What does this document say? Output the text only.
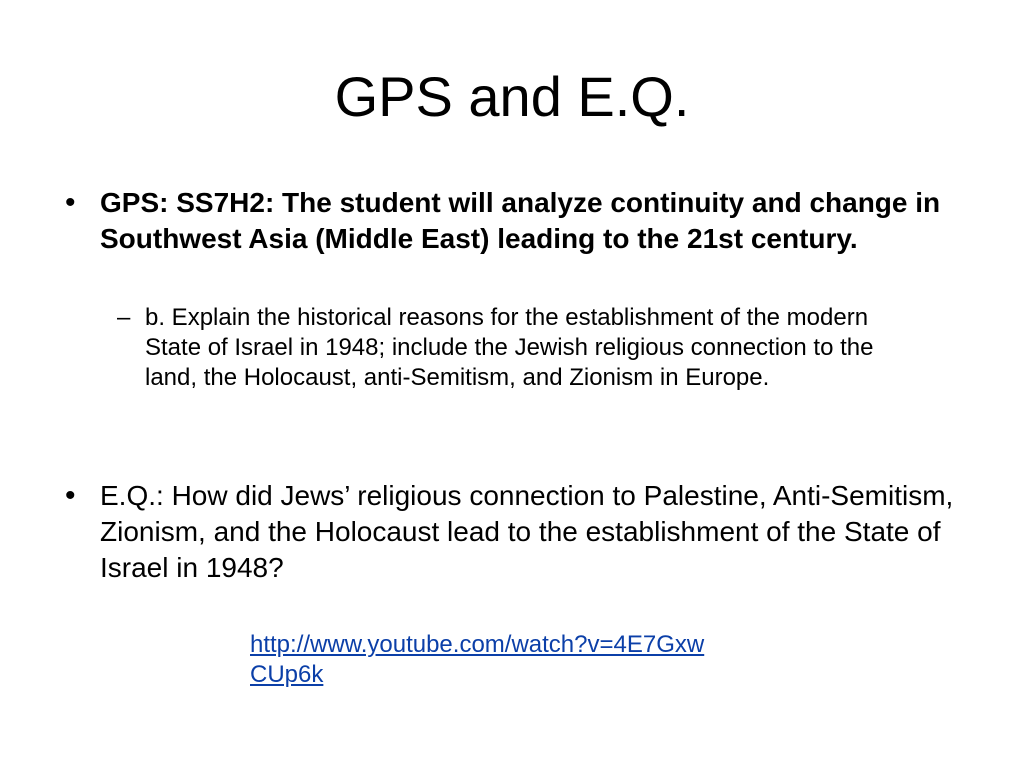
GPS and E.Q.
• GPS: SS7H2: The student will analyze continuity and change in Southwest Asia (Middle East) leading to the 21st century.
– b. Explain the historical reasons for the establishment of the modern State of Israel in 1948; include the Jewish religious connection to the land, the Holocaust, anti-Semitism, and Zionism in Europe.
• E.Q.: How did Jews’ religious connection to Palestine, Anti-Semitism, Zionism, and the Holocaust lead to the establishment of the State of Israel in 1948?
http://www.youtube.com/watch?v=4E7Gxw
CUp6k
